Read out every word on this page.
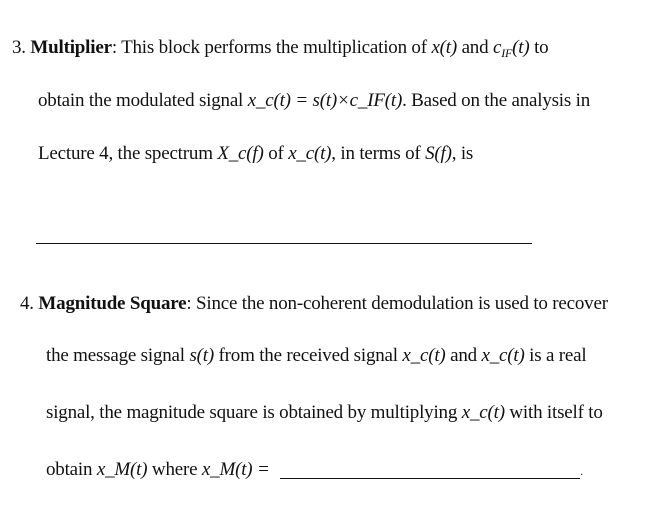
3. Multiplier: This block performs the multiplication of x(t) and $c_{IF}(t)$ to
obtain the modulated signal x_c(t) = s(t)×c_IF(t). Based on the analysis in
Lecture 4, the spectrum X_c(f) of x_c(t), in terms of S(f), is
4. Magnitude Square: Since the non-coherent demodulation is used to recover
the message signal s(t) from the received signal x_c(t) and x_c(t) is a real
signal, the magnitude square is obtained by multiplying x_c(t) with itself to
obtain x_M(t) where x_M(t) =	.
